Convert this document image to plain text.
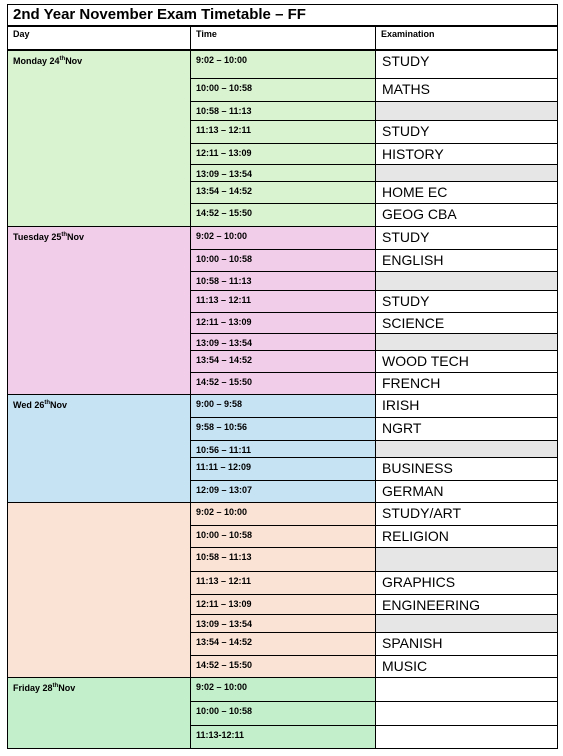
2nd Year November Exam Timetable – FF
Day	Time	Examination
Monday 24thNov	9:02 – 10:00	STUDY
10:00 – 10:58	MATHS
10:58 – 11:13
11:13 – 12:11	STUDY
12:11 – 13:09	HISTORY
13:09 – 13:54
13:54 – 14:52	HOME EC
14:52 – 15:50	GEOG CBA
Tuesday 25thNov	9:02 – 10:00	STUDY
10:00 – 10:58	ENGLISH
10:58 – 11:13
11:13 – 12:11	STUDY
12:11 – 13:09	SCIENCE
13:09 – 13:54
13:54 – 14:52	WOOD TECH
14:52 – 15:50	FRENCH
Wed 26thNov	9:00 – 9:58	IRISH
9:58 – 10:56	NGRT
10:56 – 11:11
11:11 – 12:09	BUSINESS
12:09 – 13:07	GERMAN
9:02 – 10:00	STUDY/ART
10:00 – 10:58	RELIGION
10:58 – 11:13
11:13 – 12:11	GRAPHICS
12:11 – 13:09	ENGINEERING
13:09 – 13:54
13:54 – 14:52	SPANISH
14:52 – 15:50	MUSIC
Friday 28thNov	9:02 – 10:00
10:00 – 10:58
11:13-12:11
